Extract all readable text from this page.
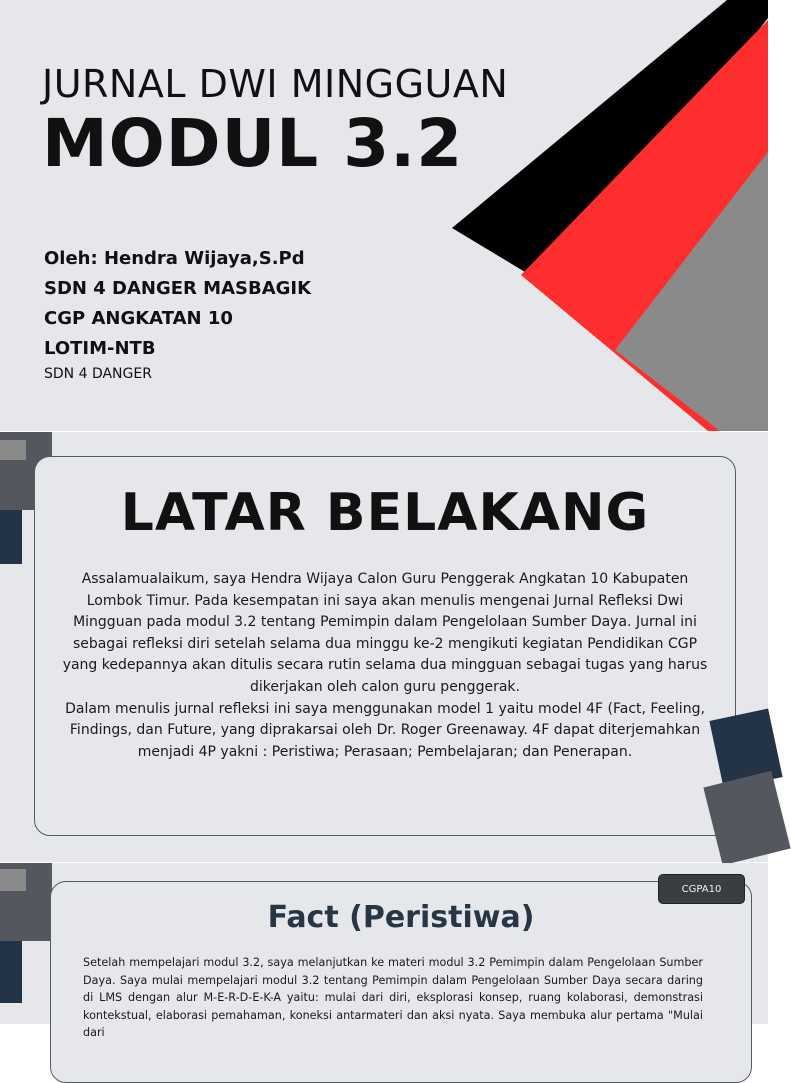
JURNAL DWI MINGGUAN
MODUL 3.2
Oleh: Hendra Wijaya,S.Pd
SDN 4 DANGER MASBAGIK
CGP ANGKATAN 10
LOTIM-NTB
SDN 4 DANGER
LATAR BELAKANG
Assalamualaikum, saya Hendra Wijaya Calon Guru Penggerak Angkatan 10 Kabupaten Lombok Timur. Pada kesempatan ini saya akan menulis mengenai Jurnal Refleksi Dwi Mingguan pada modul 3.2 tentang Pemimpin dalam Pengelolaan Sumber Daya. Jurnal ini sebagai refleksi diri setelah selama dua minggu ke-2 mengikuti kegiatan Pendidikan CGP yang kedepannya akan ditulis secara rutin selama dua mingguan sebagai tugas yang harus dikerjakan oleh calon guru penggerak.
Dalam menulis jurnal refleksi ini saya menggunakan model 1 yaitu model 4F (Fact, Feeling, Findings, dan Future, yang diprakarsai oleh Dr. Roger Greenaway. 4F dapat diterjemahkan menjadi 4P yakni : Peristiwa; Perasaan; Pembelajaran; dan Penerapan.
Fact (Peristiwa)
Setelah mempelajari modul 3.2, saya melanjutkan ke materi modul 3.2 Pemimpin dalam Pengelolaan Sumber Daya. Saya mulai mempelajari modul 3.2 tentang Pemimpin dalam Pengelolaan Sumber Daya secara daring di LMS dengan alur M-E-R-D-E-K-A yaitu: mulai dari diri, eksplorasi konsep, ruang kolaborasi, demonstrasi kontekstual, elaborasi pemahaman, koneksi antarmateri dan aksi nyata. Saya membuka alur pertama "Mulai dari
CGPA10
